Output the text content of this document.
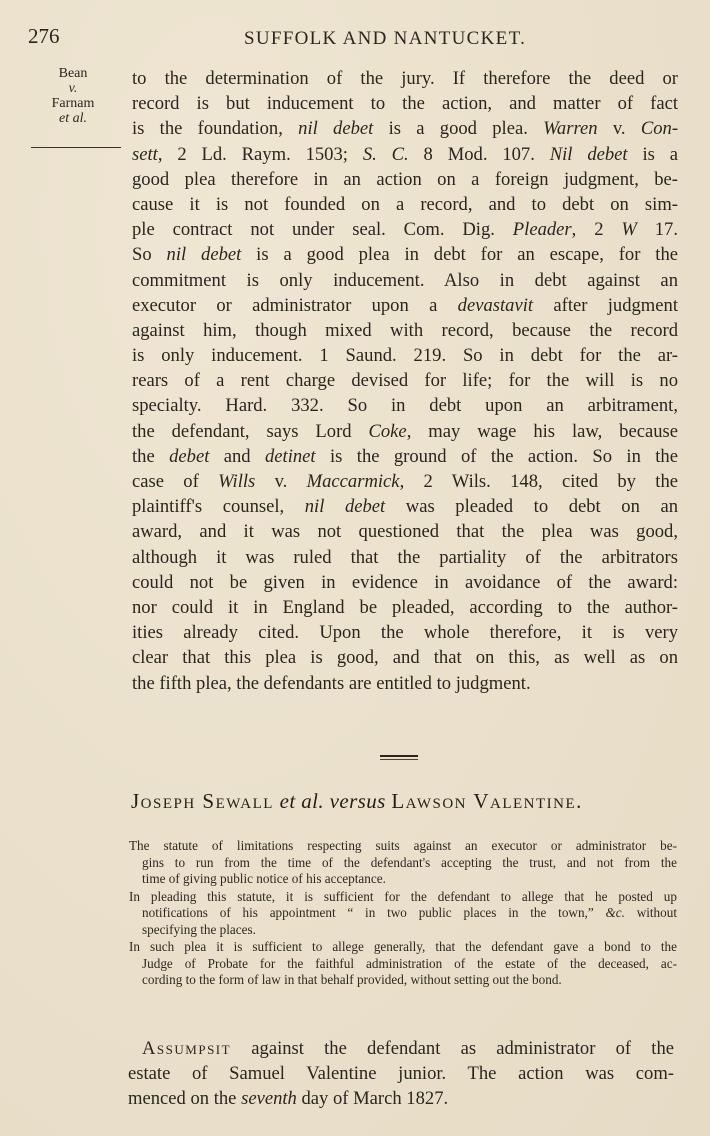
276	SUFFOLK AND NANTUCKET.
Bean
v.
Farnam
et al.
to the determination of the jury. If therefore the deed or
record is but inducement to the action, and matter of fact
is the foundation, nil debet is a good plea. Warren v. Con-
sett, 2 Ld. Raym. 1503; S. C. 8 Mod. 107. Nil debet is a
good plea therefore in an action on a foreign judgment, be-
cause it is not founded on a record, and to debt on sim-
ple contract not under seal. Com. Dig. Pleader, 2 W 17.
So nil debet is a good plea in debt for an escape, for the
commitment is only inducement. Also in debt against an
executor or administrator upon a devastavit after judgment
against him, though mixed with record, because the record
is only inducement. 1 Saund. 219. So in debt for the ar-
rears of a rent charge devised for life; for the will is no
specialty. Hard. 332. So in debt upon an arbitrament,
the defendant, says Lord Coke, may wage his law, because
the debet and detinet is the ground of the action. So in the
case of Wills v. Maccarmick, 2 Wils. 148, cited by the
plaintiff's counsel, nil debet was pleaded to debt on an
award, and it was not questioned that the plea was good,
although it was ruled that the partiality of the arbitrators
could not be given in evidence in avoidance of the award:
nor could it in England be pleaded, according to the author-
ities already cited. Upon the whole therefore, it is very
clear that this plea is good, and that on this, as well as on
the fifth plea, the defendants are entitled to judgment.
Joseph Sewall et al. versus Lawson Valentine.
The statute of limitations respecting suits against an executor or administrator be-
gins to run from the time of the defendant's accepting the trust, and not from the
time of giving public notice of his acceptance.
In pleading this statute, it is sufficient for the defendant to allege that he posted up
notifications of his appointment “ in two public places in the town,” &c. without
specifying the places.
In such plea it is sufficient to allege generally, that the defendant gave a bond to the
Judge of Probate for the faithful administration of the estate of the deceased, ac-
cording to the form of law in that behalf provided, without setting out the bond.
Assumpsit against the defendant as administrator of the
estate of Samuel Valentine junior. The action was com-
menced on the seventh day of March 1827.
